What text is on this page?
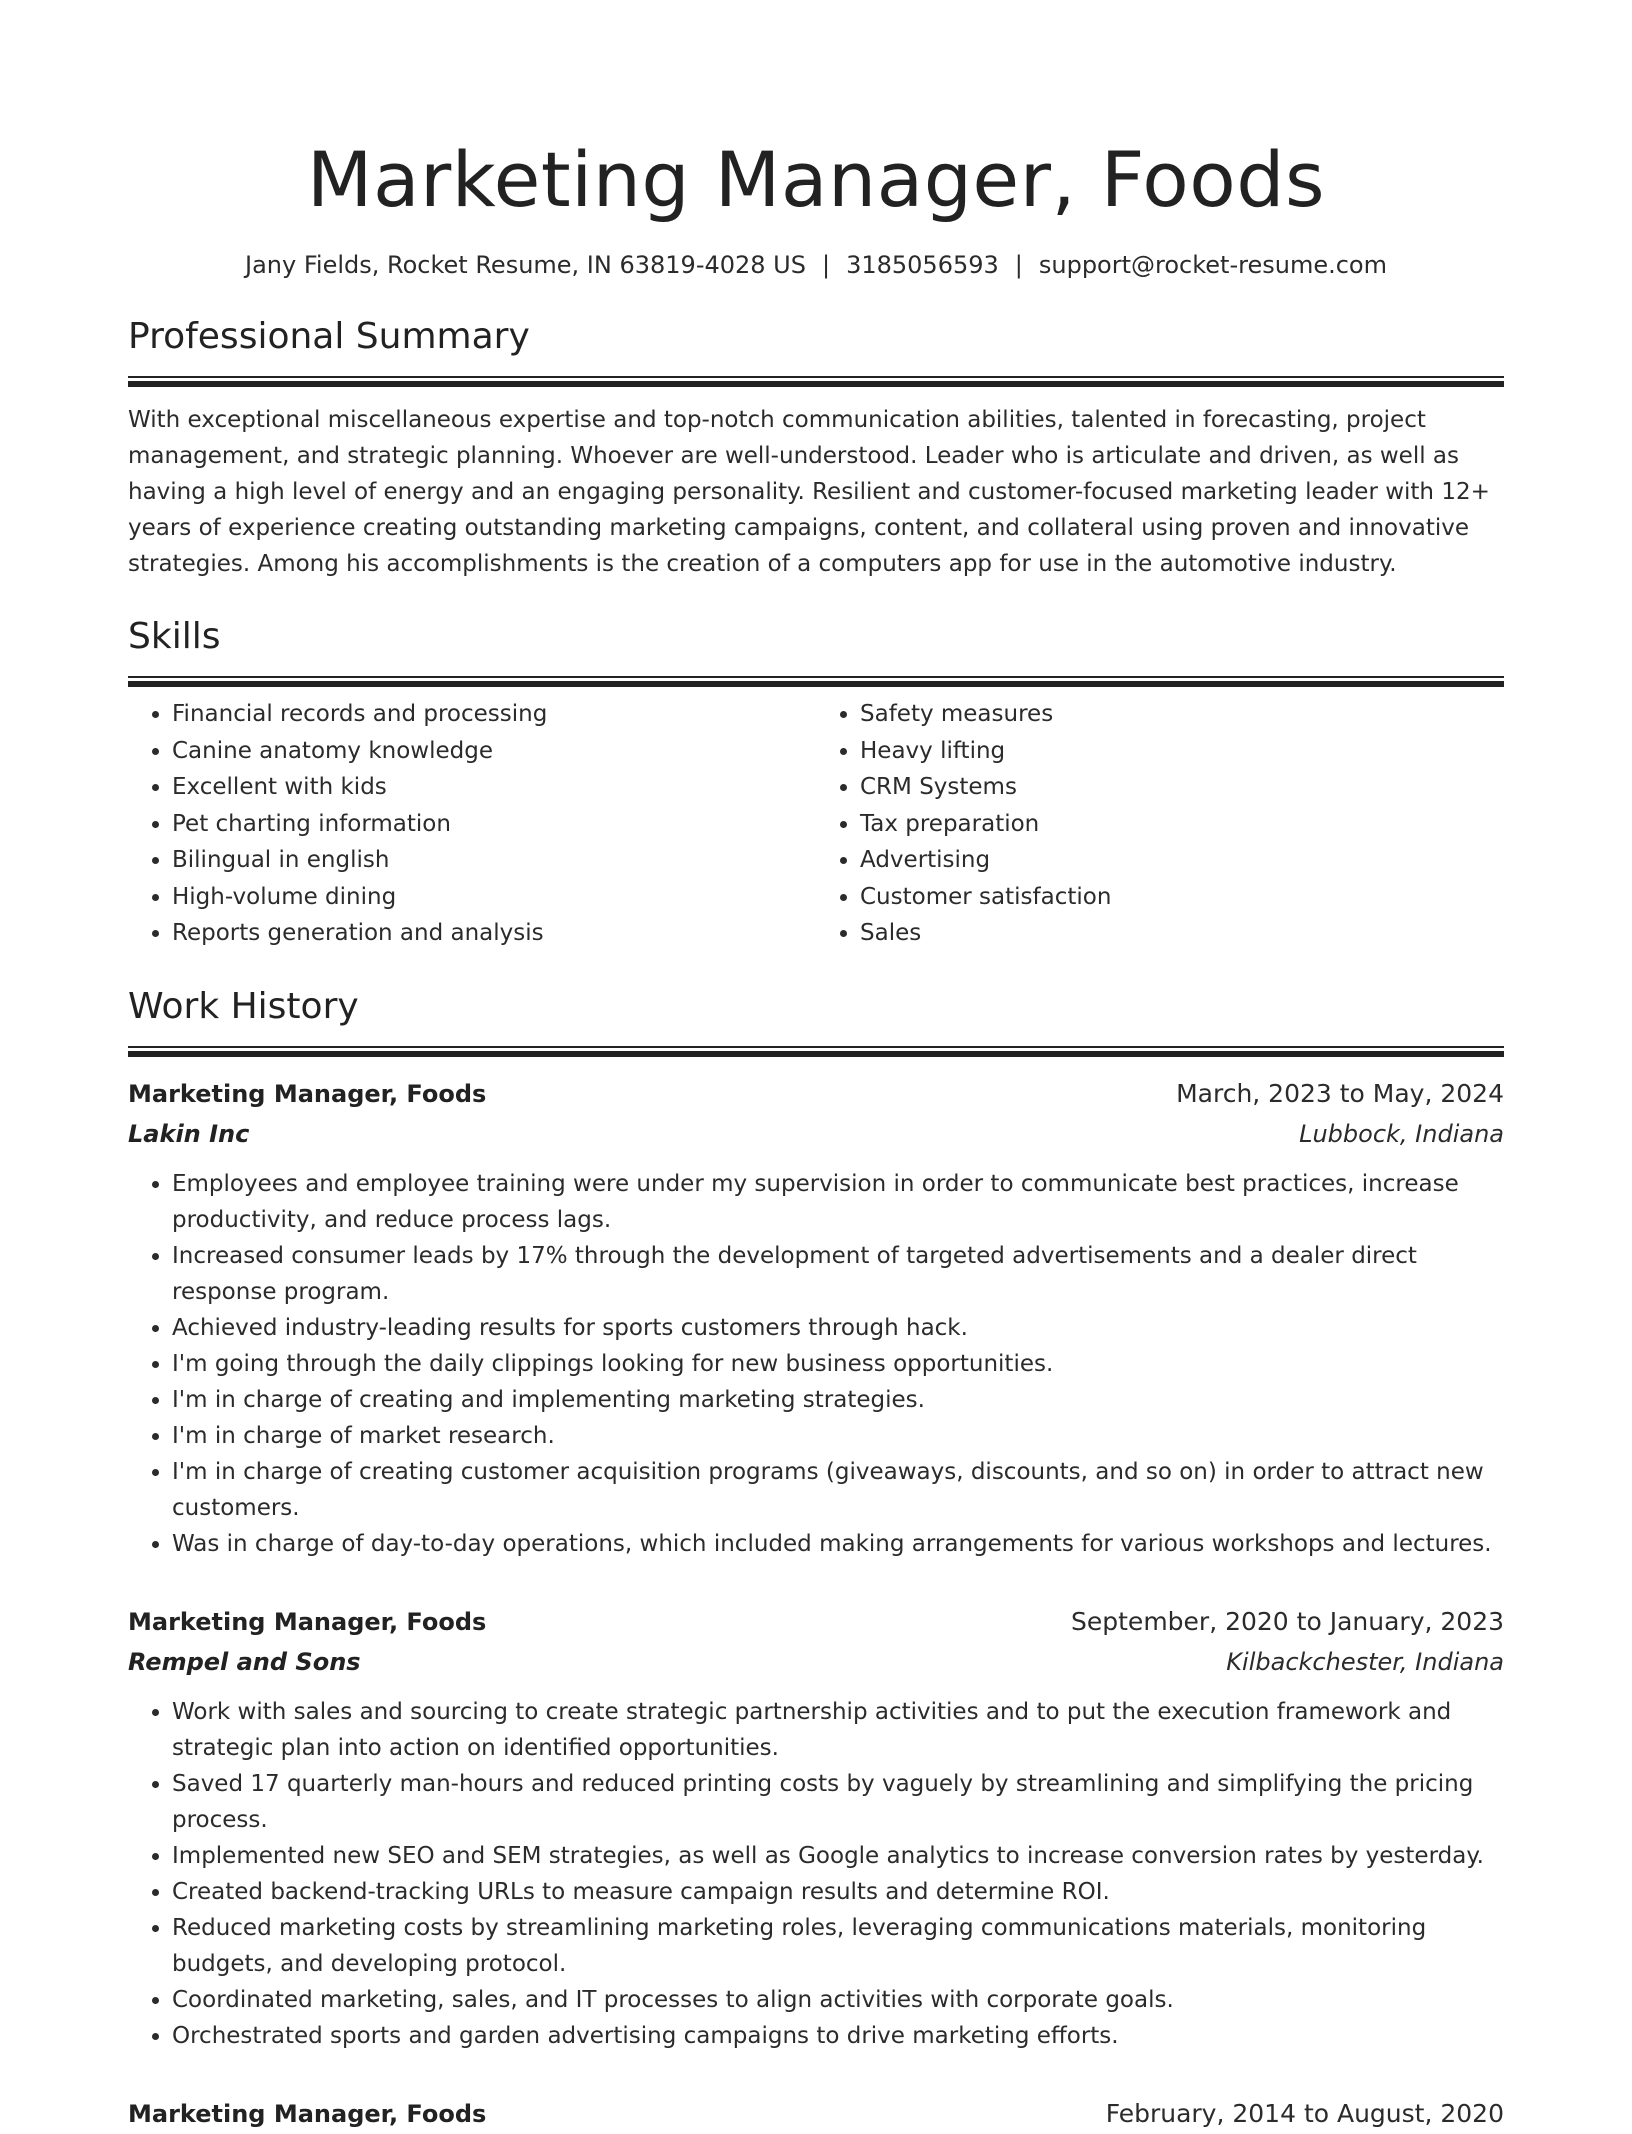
Marketing Manager, Foods
Jany Fields, Rocket Resume, IN 63819-4028 US | 3185056593 | support@rocket-resume.com
Professional Summary

With exceptional miscellaneous expertise and top-notch communication abilities, talented in forecasting, project management, and strategic planning. Whoever are well-understood. Leader who is articulate and driven, as well as having a high level of energy and an engaging personality. Resilient and customer-focused marketing leader with 12+ years of experience creating outstanding marketing campaigns, content, and collateral using proven and innovative strategies. Among his accomplishments is the creation of a computers app for use in the automotive industry.

Skills
• Financial records and processing
• Canine anatomy knowledge
• Excellent with kids
• Pet charting information
• Bilingual in english
• High-volume dining
• Reports generation and analysis
• Safety measures
• Heavy lifting
• CRM Systems
• Tax preparation
• Advertising
• Customer satisfaction
• Sales
Work History
Marketing Manager, Foods	March, 2023 to May, 2024
Lakin Inc	Lubbock, Indiana
• Employees and employee training were under my supervision in order to communicate best practices, increase productivity, and reduce process lags.
• Increased consumer leads by 17% through the development of targeted advertisements and a dealer direct response program.
• Achieved industry-leading results for sports customers through hack.
• I'm going through the daily clippings looking for new business opportunities.
• I'm in charge of creating and implementing marketing strategies.
• I'm in charge of market research.
• I'm in charge of creating customer acquisition programs (giveaways, discounts, and so on) in order to attract new customers.
• Was in charge of day-to-day operations, which included making arrangements for various workshops and lectures.
Marketing Manager, Foods	September, 2020 to January, 2023
Rempel and Sons	Kilbackchester, Indiana
• Work with sales and sourcing to create strategic partnership activities and to put the execution framework and strategic plan into action on identified opportunities.
• Saved 17 quarterly man-hours and reduced printing costs by vaguely by streamlining and simplifying the pricing process.
• Implemented new SEO and SEM strategies, as well as Google analytics to increase conversion rates by yesterday.
• Created backend-tracking URLs to measure campaign results and determine ROI.
• Reduced marketing costs by streamlining marketing roles, leveraging communications materials, monitoring budgets, and developing protocol.
• Coordinated marketing, sales, and IT processes to align activities with corporate goals.
• Orchestrated sports and garden advertising campaigns to drive marketing efforts.
Marketing Manager, Foods	February, 2014 to August, 2020
